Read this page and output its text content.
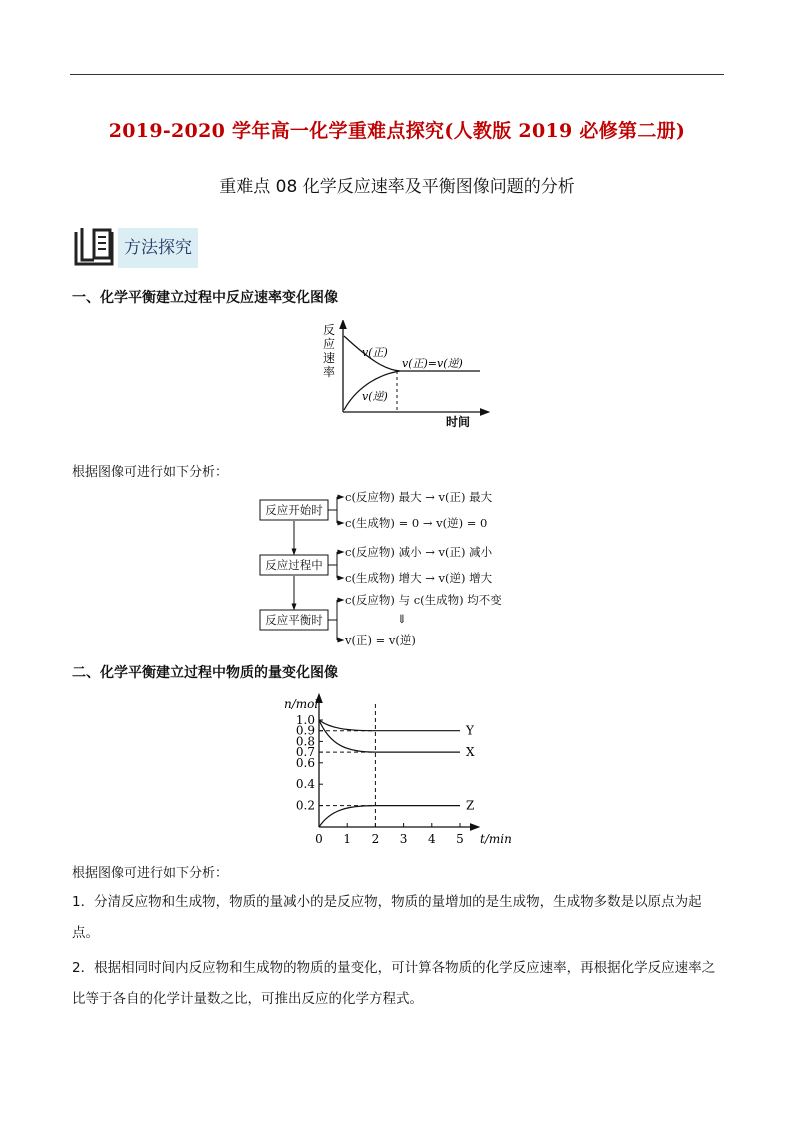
2019-2020 学年高一化学重难点探究(人教版 2019 必修第二册)
重难点 08 化学反应速率及平衡图像问题的分析
方法探究
一、化学平衡建立过程中反应速率变化图像
反
应
速
率
v(正)
v(逆)
v(正)=v(逆)
时间
根据图像可进行如下分析：
反应开始时
反应过程中
反应平衡时
c(反应物) 最大 → v(正) 最大
c(生成物) = 0 → v(逆) = 0
c(反应物) 减小 → v(正) 减小
c(生成物) 增大 → v(逆) 增大
c(反应物) 与 c(生成物) 均不变
⇓
v(正) = v(逆)
二、化学平衡建立过程中物质的量变化图像
n/mol
t/min
0 1 2 3 4 5
1.0
0.9
0.8
0.7
0.6
0.4
0.2
Y
X
Z
根据图像可进行如下分析：
1．分清反应物和生成物，物质的量减小的是反应物，物质的量增加的是生成物，生成物多数是以原点为起点。
2．根据相同时间内反应物和生成物的物质的量变化，可计算各物质的化学反应速率，再根据化学反应速率之比等于各自的化学计量数之比，可推出反应的化学方程式。
